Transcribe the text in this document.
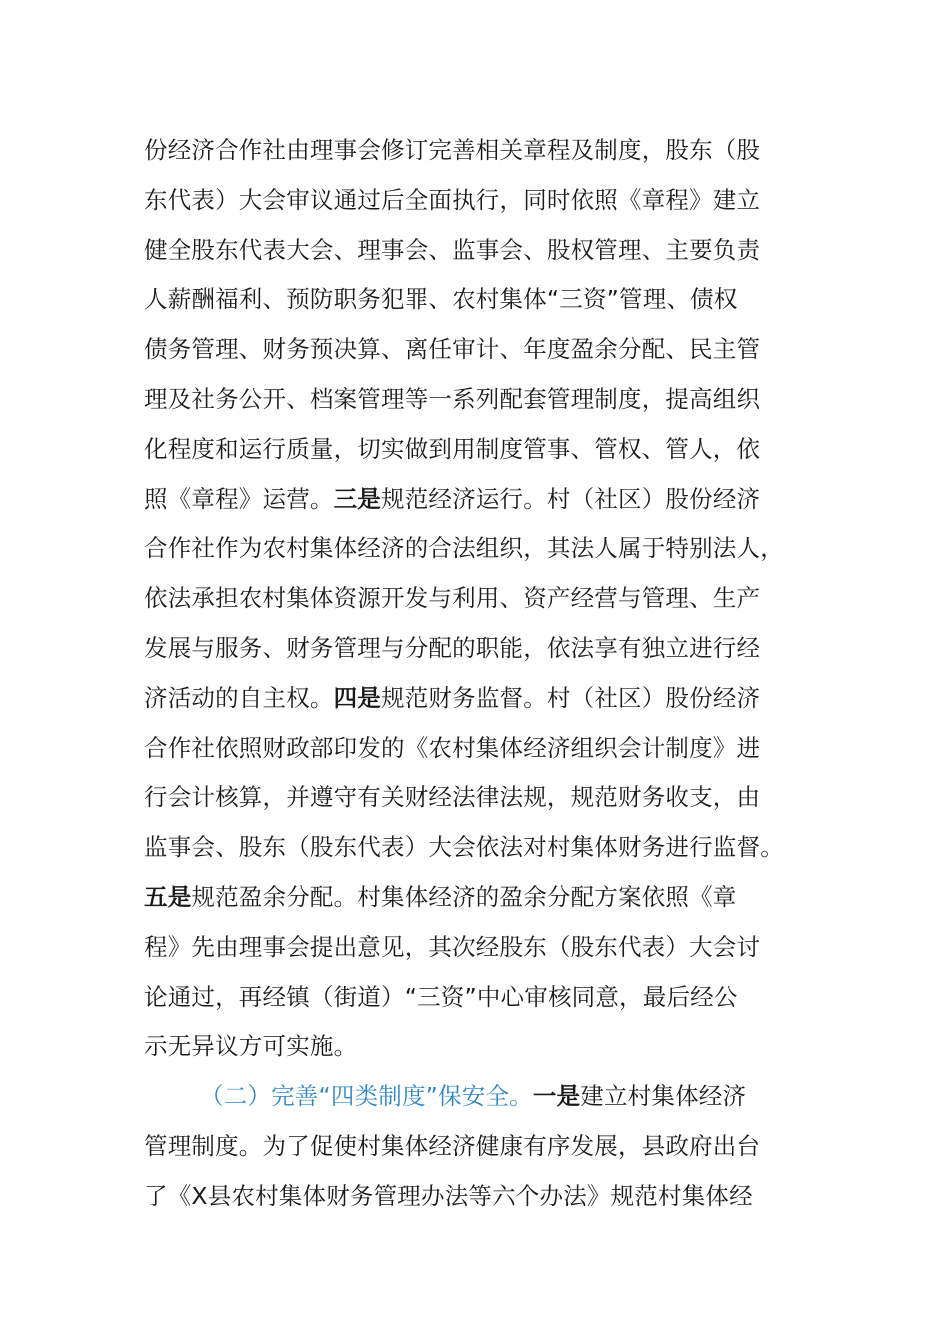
份经济合作社由理事会修订完善相关章程及制度，股东（股
东代表）大会审议通过后全面执行，同时依照《章程》建立
健全股东代表大会、理事会、监事会、股权管理、主要负责
人薪酬福利、预防职务犯罪、农村集体“三资”管理、债权
债务管理、财务预决算、离任审计、年度盈余分配、民主管
理及社务公开、档案管理等一系列配套管理制度，提高组织
化程度和运行质量，切实做到用制度管事、管权、管人，依
照《章程》运营。三是规范经济运行。村（社区）股份经济
合作社作为农村集体经济的合法组织，其法人属于特别法人，
依法承担农村集体资源开发与利用、资产经营与管理、生产
发展与服务、财务管理与分配的职能，依法享有独立进行经
济活动的自主权。四是规范财务监督。村（社区）股份经济
合作社依照财政部印发的《农村集体经济组织会计制度》进
行会计核算，并遵守有关财经法律法规，规范财务收支，由
监事会、股东（股东代表）大会依法对村集体财务进行监督。
五是规范盈余分配。村集体经济的盈余分配方案依照《章
程》先由理事会提出意见，其次经股东（股东代表）大会讨
论通过，再经镇（街道）“三资”中心审核同意，最后经公
示无异议方可实施。
（二）完善“四类制度”保安全。一是建立村集体经济
管理制度。为了促使村集体经济健康有序发展，县政府出台
了《X县农村集体财务管理办法等六个办法》规范村集体经
